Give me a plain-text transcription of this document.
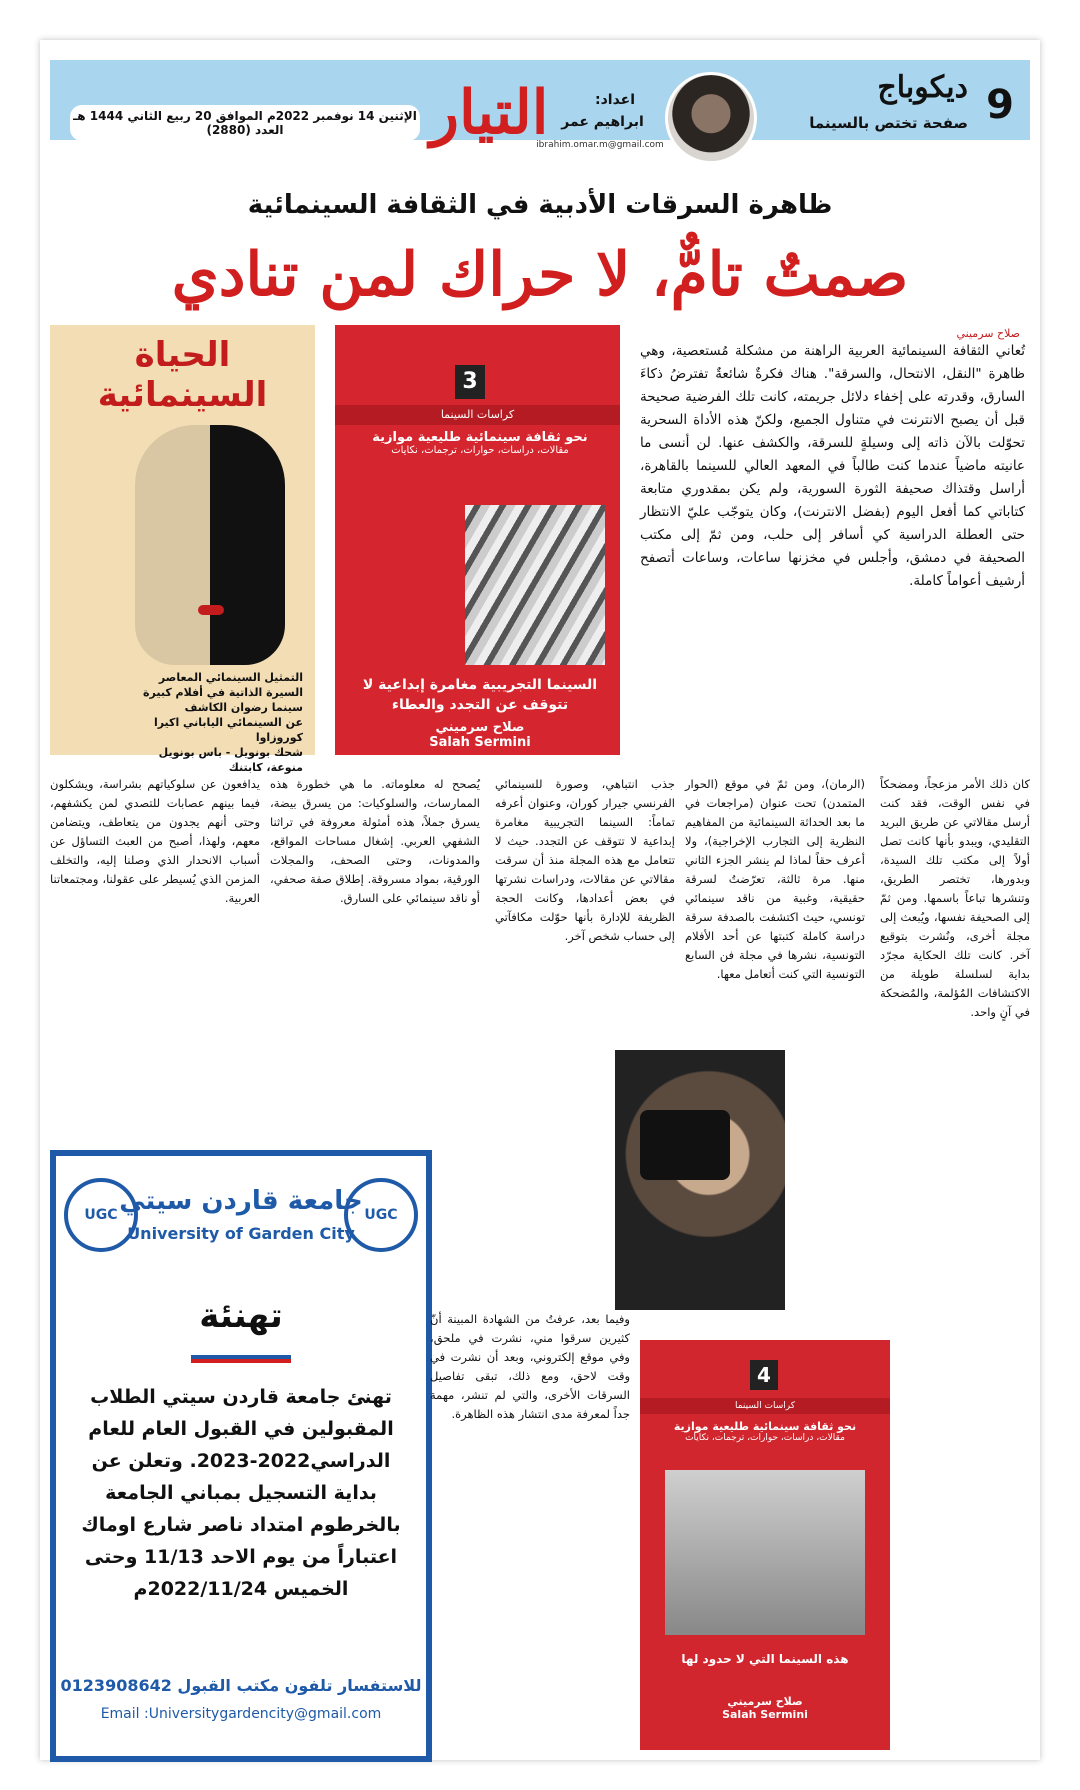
9
ديكوباج
صفحة تختص بالسينما
اعداد:
ابراهيم عمر
ibrahim.omar.m@gmail.com
التيار
الإثنين 14 نوفمبر 2022م الموافق 20 ربيع الثاني 1444 هـ العدد (2880)
ظاهرة السرقات الأدبية في الثقافة السينمائية
صمتٌ تامٌّ، لا حراك لمن تنادي
الحياة السينمائية
التمثيل السينمائي المعاصر
السيرة الذاتية في أفلام كبيرة
سينما رضوان الكاشف
عن السينمائي الياباني اكيرا كوروزاوا
شحك بونويل - باس بونويل
منوعة، كابتنك
3
كراسات السينما
نحو ثقافة سينمائية طليعية موازية
مقالات، دراسات، حوارات، ترجمات، نكايات
السينما التجريبية مغامرة إبداعية لا تتوقف عن التجدد والعطاء
صلاح سرميني
Salah Sermini
صلاح سرميني
تُعاني الثقافة السينمائية العربية الراهنة من مشكلة مُستعصية، وهي ظاهرة "النقل، الانتحال، والسرقة". هناك فكرةٌ شائعةٌ تفترضُ ذكاءَ السارق، وقدرته على إخفاء دلائل جريمته، كانت تلك الفرضية صحيحة قبل أن يصبح الانترنت في متناول الجميع، ولكنّ هذه الأداة السحرية تحوّلت بالآن ذاته إلى وسيلةٍ للسرقة، والكشف عنها. لن أنسى ما عانيته ماضياً عندما كنت طالباً في المعهد العالي للسينما بالقاهرة، أراسل وقتذاك صحيفة الثورة السورية، ولم يكن بمقدوري متابعة كتاباتي كما أفعل اليوم (بفضل الانترنت)، وكان يتوجّب عليّ الانتظار حتى العطلة الدراسية كي أسافر إلى حلب، ومن ثمّ إلى مكتب الصحيفة في دمشق، وأجلس في مخزنها ساعات، وساعات أتصفح أرشيف أعواماً كاملة.
كان ذلك الأمر مزعجاً، ومضحكاً في نفس الوقت، فقد كنت أرسل مقالاتي عن طريق البريد التقليدي، ويبدو بأنها كانت تصل أولاً إلى مكتب تلك السيدة، وبدورها، تختصر الطريق، وتنشرها تباعاً باسمها. ومن ثمّ إلى الصحيفة نفسها، ويُبعث إلى مجلة أخرى، ونُشرت بتوقيع آخر. كانت تلك الحكاية مجرّد بداية لسلسلة طويلة من الاكتشافات المُؤلمة، والمُضحكة في آنٍ واحد.
(الرمان)، ومن ثمّ في موقع (الحوار المتمدن) تحت عنوان (مراجعات في ما بعد الحداثة السينمائية من المفاهيم النظرية إلى التجارب الإخراجية)، ولا أعرف حقاً لماذا لم ينشر الجزء الثاني منها. مرة ثالثة، تعرّضتُ لسرقة حقيقية، وغبية من ناقد سينمائي تونسي، حيث اكتشفت بالصدفة سرقة دراسة كاملة كتبتها عن أحد الأفلام التونسية، نشرها في مجلة فن السابع التونسية التي كنت أتعامل معها.
جذب انتباهي، وصورة للسينمائي الفرنسي جيرار كوران، وعنوان أعرفه تماماً: السينما التجريبية مغامرة إبداعية لا تتوقف عن التجدد. حيث لا تتعامل مع هذه المجلة منذ أن سرقت مقالاتي عن مقالات، ودراسات نشرتها في بعض أعدادها، وكانت الحجة الظريفة للإدارة بأنها حوّلت مكافآتي إلى حساب شخص آخر.
يُصحح له معلوماته. ما هي خطورة هذه الممارسات، والسلوكيات: من يسرق بيضة، يسرق جملاً، هذه أمثولة معروفة في تراثنا الشفهي العربي. إشغال مساحات المواقع، والمدونات، وحتى الصحف، والمجلات الورقية، بمواد مسروقة. إطلاق صفة صحفي، أو ناقد سينمائي على السارق.
يدافعون عن سلوكياتهم بشراسة، ويشكلون فيما بينهم عصابات للتصدي لمن يكشفهم، وحتى أنهم يجدون من يتعاطف، ويتضامن معهم، ولهذا، أصبح من العبث التساؤل عن أسباب الانحدار الذي وصلنا إليه، والتخلف المزمن الذي يُسيطر على عقولنا، ومجتمعاتنا العربية.
UGC	UGC
جامعة قاردن سيتي
University of Garden City
تهنئة
تهنئ جامعة قاردن سيتي الطلاب المقبولين في القبول العام للعام الدراسي2022-2023. وتعلن عن بداية التسجيل بمباني الجامعة بالخرطوم امتداد ناصر شارع اوماك اعتباراً من يوم الاحد 11/13 وحتى الخميس 2022/11/24م
للاستفسار تلفون مكتب القبول 0123908642
Email :Universitygardencity@gmail.com
4
كراسات السينما
نحو ثقافة سينمائية طليعية موازية
مقالات، دراسات، حوارات، ترجمات، نكايات
هذه السينما التي لا حدود لها
صلاح سرميني
Salah Sermini
وفيما بعد، عرفتُ من الشهادة المبينة أنّ كثيرين سرقوا مني، نشرت في ملحق، وفي موقع إلكتروني، وبعد أن نشرت في وقت لاحق، ومع ذلك، تبقى تفاصيل السرقات الأخرى، والتي لم تنشر، مهمة جداً لمعرفة مدى انتشار هذه الظاهرة.
